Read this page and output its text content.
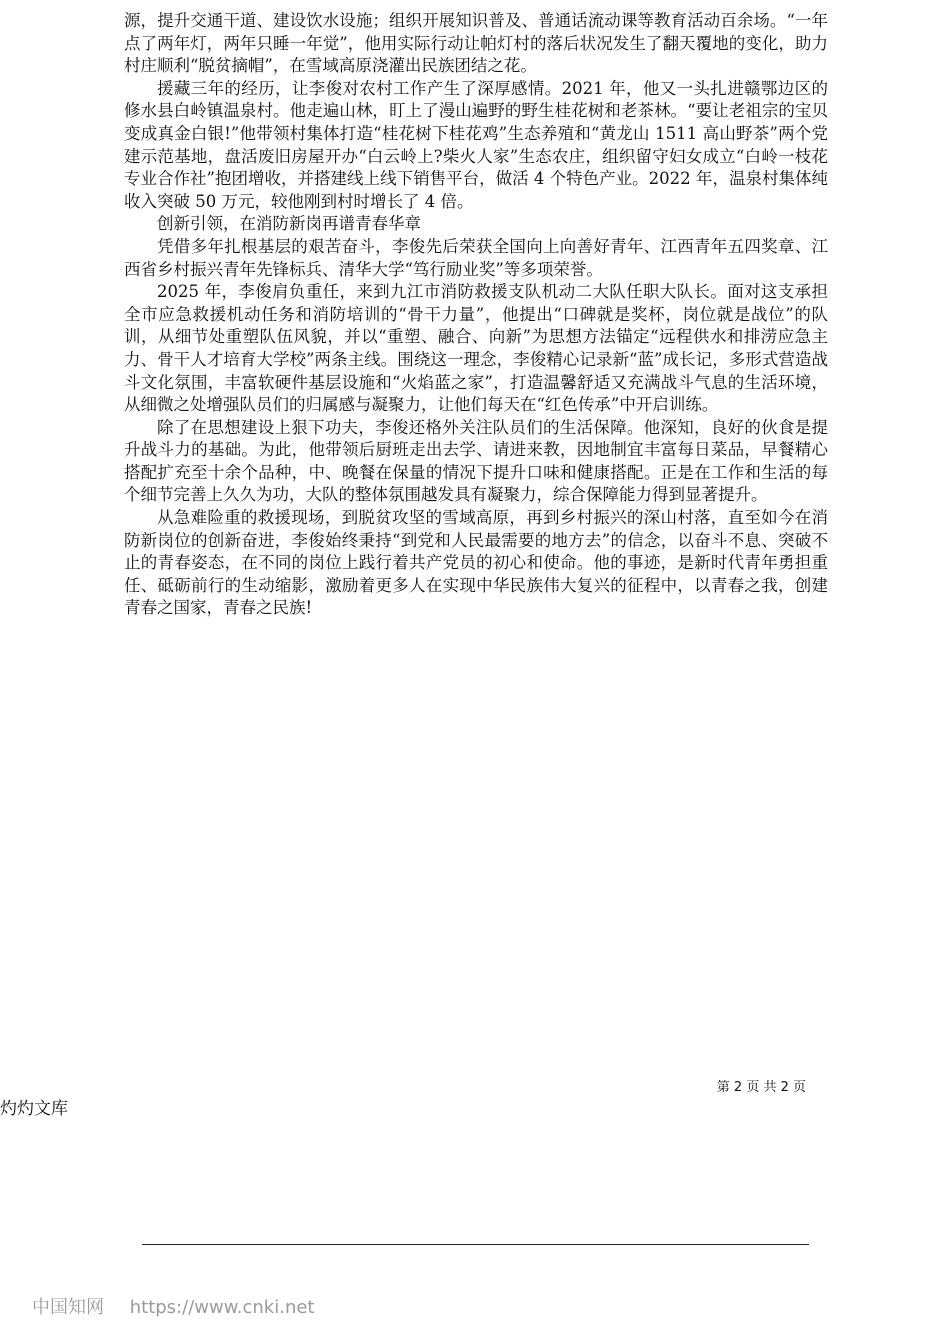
源，提升交通干道、建设饮水设施；组织开展知识普及、普通话流动课等教育活动百余场。“一年点了两年灯，两年只睡一年觉”，他用实际行动让帕灯村的落后状况发生了翻天覆地的变化，助力村庄顺利“脱贫摘帽”，在雪域高原浇灌出民族团结之花。

援藏三年的经历，让李俊对农村工作产生了深厚感情。2021 年，他又一头扎进赣鄂边区的修水县白岭镇温泉村。他走遍山林，盯上了漫山遍野的野生桂花树和老茶林。“要让老祖宗的宝贝变成真金白银!”他带领村集体打造“桂花树下桂花鸡”生态养殖和“黄龙山 1511 高山野茶”两个党建示范基地，盘活废旧房屋开办“白云岭上?柴火人家”生态农庄，组织留守妇女成立“白岭一枝花专业合作社”抱团增收，并搭建线上线下销售平台，做活 4 个特色产业。2022 年，温泉村集体纯收入突破 50 万元，较他刚到村时增长了 4 倍。

创新引领，在消防新岗再谱青春华章

凭借多年扎根基层的艰苦奋斗，李俊先后荣获全国向上向善好青年、江西青年五四奖章、江西省乡村振兴青年先锋标兵、清华大学“笃行励业奖”等多项荣誉。

2025 年，李俊肩负重任，来到九江市消防救援支队机动二大队任职大队长。面对这支承担全市应急救援机动任务和消防培训的“骨干力量”，他提出“口碑就是奖杯，岗位就是战位”的队训，从细节处重塑队伍风貌，并以“重塑、融合、向新”为思想方法锚定“远程供水和排涝应急主力、骨干人才培育大学校”两条主线。围绕这一理念，李俊精心记录新“蓝”成长记，多形式营造战斗文化氛围，丰富软硬件基层设施和“火焰蓝之家”，打造温馨舒适又充满战斗气息的生活环境，从细微之处增强队员们的归属感与凝聚力，让他们每天在“红色传承”中开启训练。

除了在思想建设上狠下功夫，李俊还格外关注队员们的生活保障。他深知，良好的伙食是提升战斗力的基础。为此，他带领后厨班走出去学、请进来教，因地制宜丰富每日菜品，早餐精心搭配扩充至十余个品种，中、晚餐在保量的情况下提升口味和健康搭配。正是在工作和生活的每个细节完善上久久为功，大队的整体氛围越发具有凝聚力，综合保障能力得到显著提升。

从急难险重的救援现场，到脱贫攻坚的雪域高原，再到乡村振兴的深山村落，直至如今在消防新岗位的创新奋进，李俊始终秉持“到党和人民最需要的地方去”的信念，以奋斗不息、突破不止的青春姿态，在不同的岗位上践行着共产党员的初心和使命。他的事迹，是新时代青年勇担重任、砥砺前行的生动缩影，激励着更多人在实现中华民族伟大复兴的征程中，以青春之我，创建青春之国家，青春之民族!

第 2 页 共 2 页
灼灼文库
中国知网 https://www.cnki.net
